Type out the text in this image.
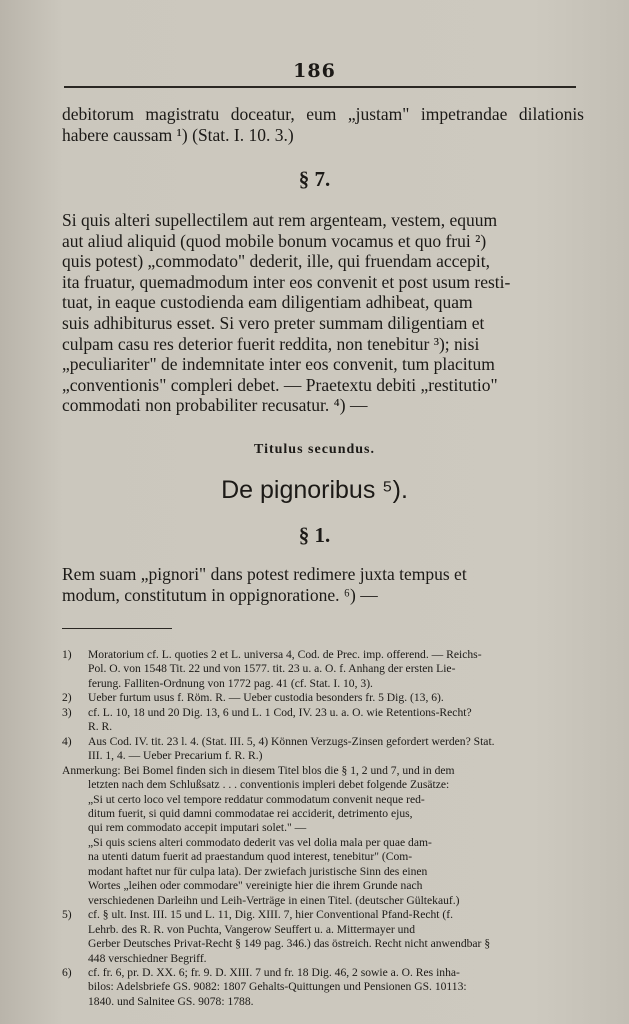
186
debitorum magistratu doceatur, eum „justam" impetrandae dilationis habere caussam ¹) (Stat. I. 10. 3.)
§ 7.
Si quis alteri supellectilem aut rem argenteam, vestem, equum
aut aliud aliquid (quod mobile bonum vocamus et quo frui ²)
quis potest) „commodato" dederit, ille, qui fruendam accepit,
ita fruatur, quemadmodum inter eos convenit et post usum resti-
tuat, in eaque custodienda eam diligentiam adhibeat, quam
suis adhibiturus esset. Si vero preter summam diligentiam et
culpam casu res deterior fuerit reddita, non tenebitur ³); nisi
„peculiariter" de indemnitate inter eos convenit, tum placitum
„conventionis" compleri debet. — Praetextu debiti „restitutio"
commodati non probabiliter recusatur. ⁴) —
Titulus secundus.
De pignoribus ⁵).
§ 1.
Rem suam „pignori" dans potest redimere juxta tempus et
modum, constitutum in oppignoratione. ⁶) —
1)	Moratorium cf. L. quoties 2 et L. universa 4, Cod. de Prec. imp. offerend. — Reichs-
Pol. O. von 1548 Tit. 22 und von 1577. tit. 23 u. a. O. f. Anhang der ersten Lie-
ferung. Falliten-Ordnung von 1772 pag. 41 (cf. Stat. I. 10, 3).
2)	Ueber furtum usus f. Röm. R. — Ueber custodia besonders fr. 5 Dig. (13, 6).
3)	cf. L. 10, 18 und 20 Dig. 13, 6 und L. 1 Cod, IV. 23 u. a. O. wie Retentions-Recht?
R. R.
4)	Aus Cod. IV. tit. 23 l. 4. (Stat. III. 5, 4) Können Verzugs-Zinsen gefordert werden? Stat.
III. 1, 4. — Ueber Precarium f. R. R.)
Anmerkung: Bei Bomel finden sich in diesem Titel blos die § 1, 2 und 7, und in dem
letzten nach dem Schlußsatz . . . conventionis impleri debet folgende Zusätze:
„Si ut certo loco vel tempore reddatur commodatum convenit neque red-
ditum fuerit, si quid damni commodatae rei acciderit, detrimento ejus,
qui rem commodato accepit imputari solet." —
„Si quis sciens alteri commodato dederit vas vel dolia mala per quae dam-
na utenti datum fuerit ad praestandum quod interest, tenebitur" (Com-
modant haftet nur für culpa lata). Der zwiefach juristische Sinn des einen
Wortes „leihen oder commodare" vereinigte hier die ihrem Grunde nach
verschiedenen Darleihn und Leih-Verträge in einen Titel. (deutscher Gültekauf.)
5)	cf. § ult. Inst. III. 15 und L. 11, Dig. XIII. 7, hier Conventional Pfand-Recht (f.
Lehrb. des R. R. von Puchta, Vangerow Seuffert u. a. Mittermayer und
Gerber Deutsches Privat-Recht § 149 pag. 346.) das östreich. Recht nicht anwendbar §
448 verschiedner Begriff.
6)	cf. fr. 6, pr. D. XX. 6; fr. 9. D. XIII. 7 und fr. 18 Dig. 46, 2 sowie a. O. Res inha-
bilos: Adelsbriefe GS. 9082: 1807 Gehalts-Quittungen und Pensionen GS. 10113:
1840. und Salnitee GS. 9078: 1788.
